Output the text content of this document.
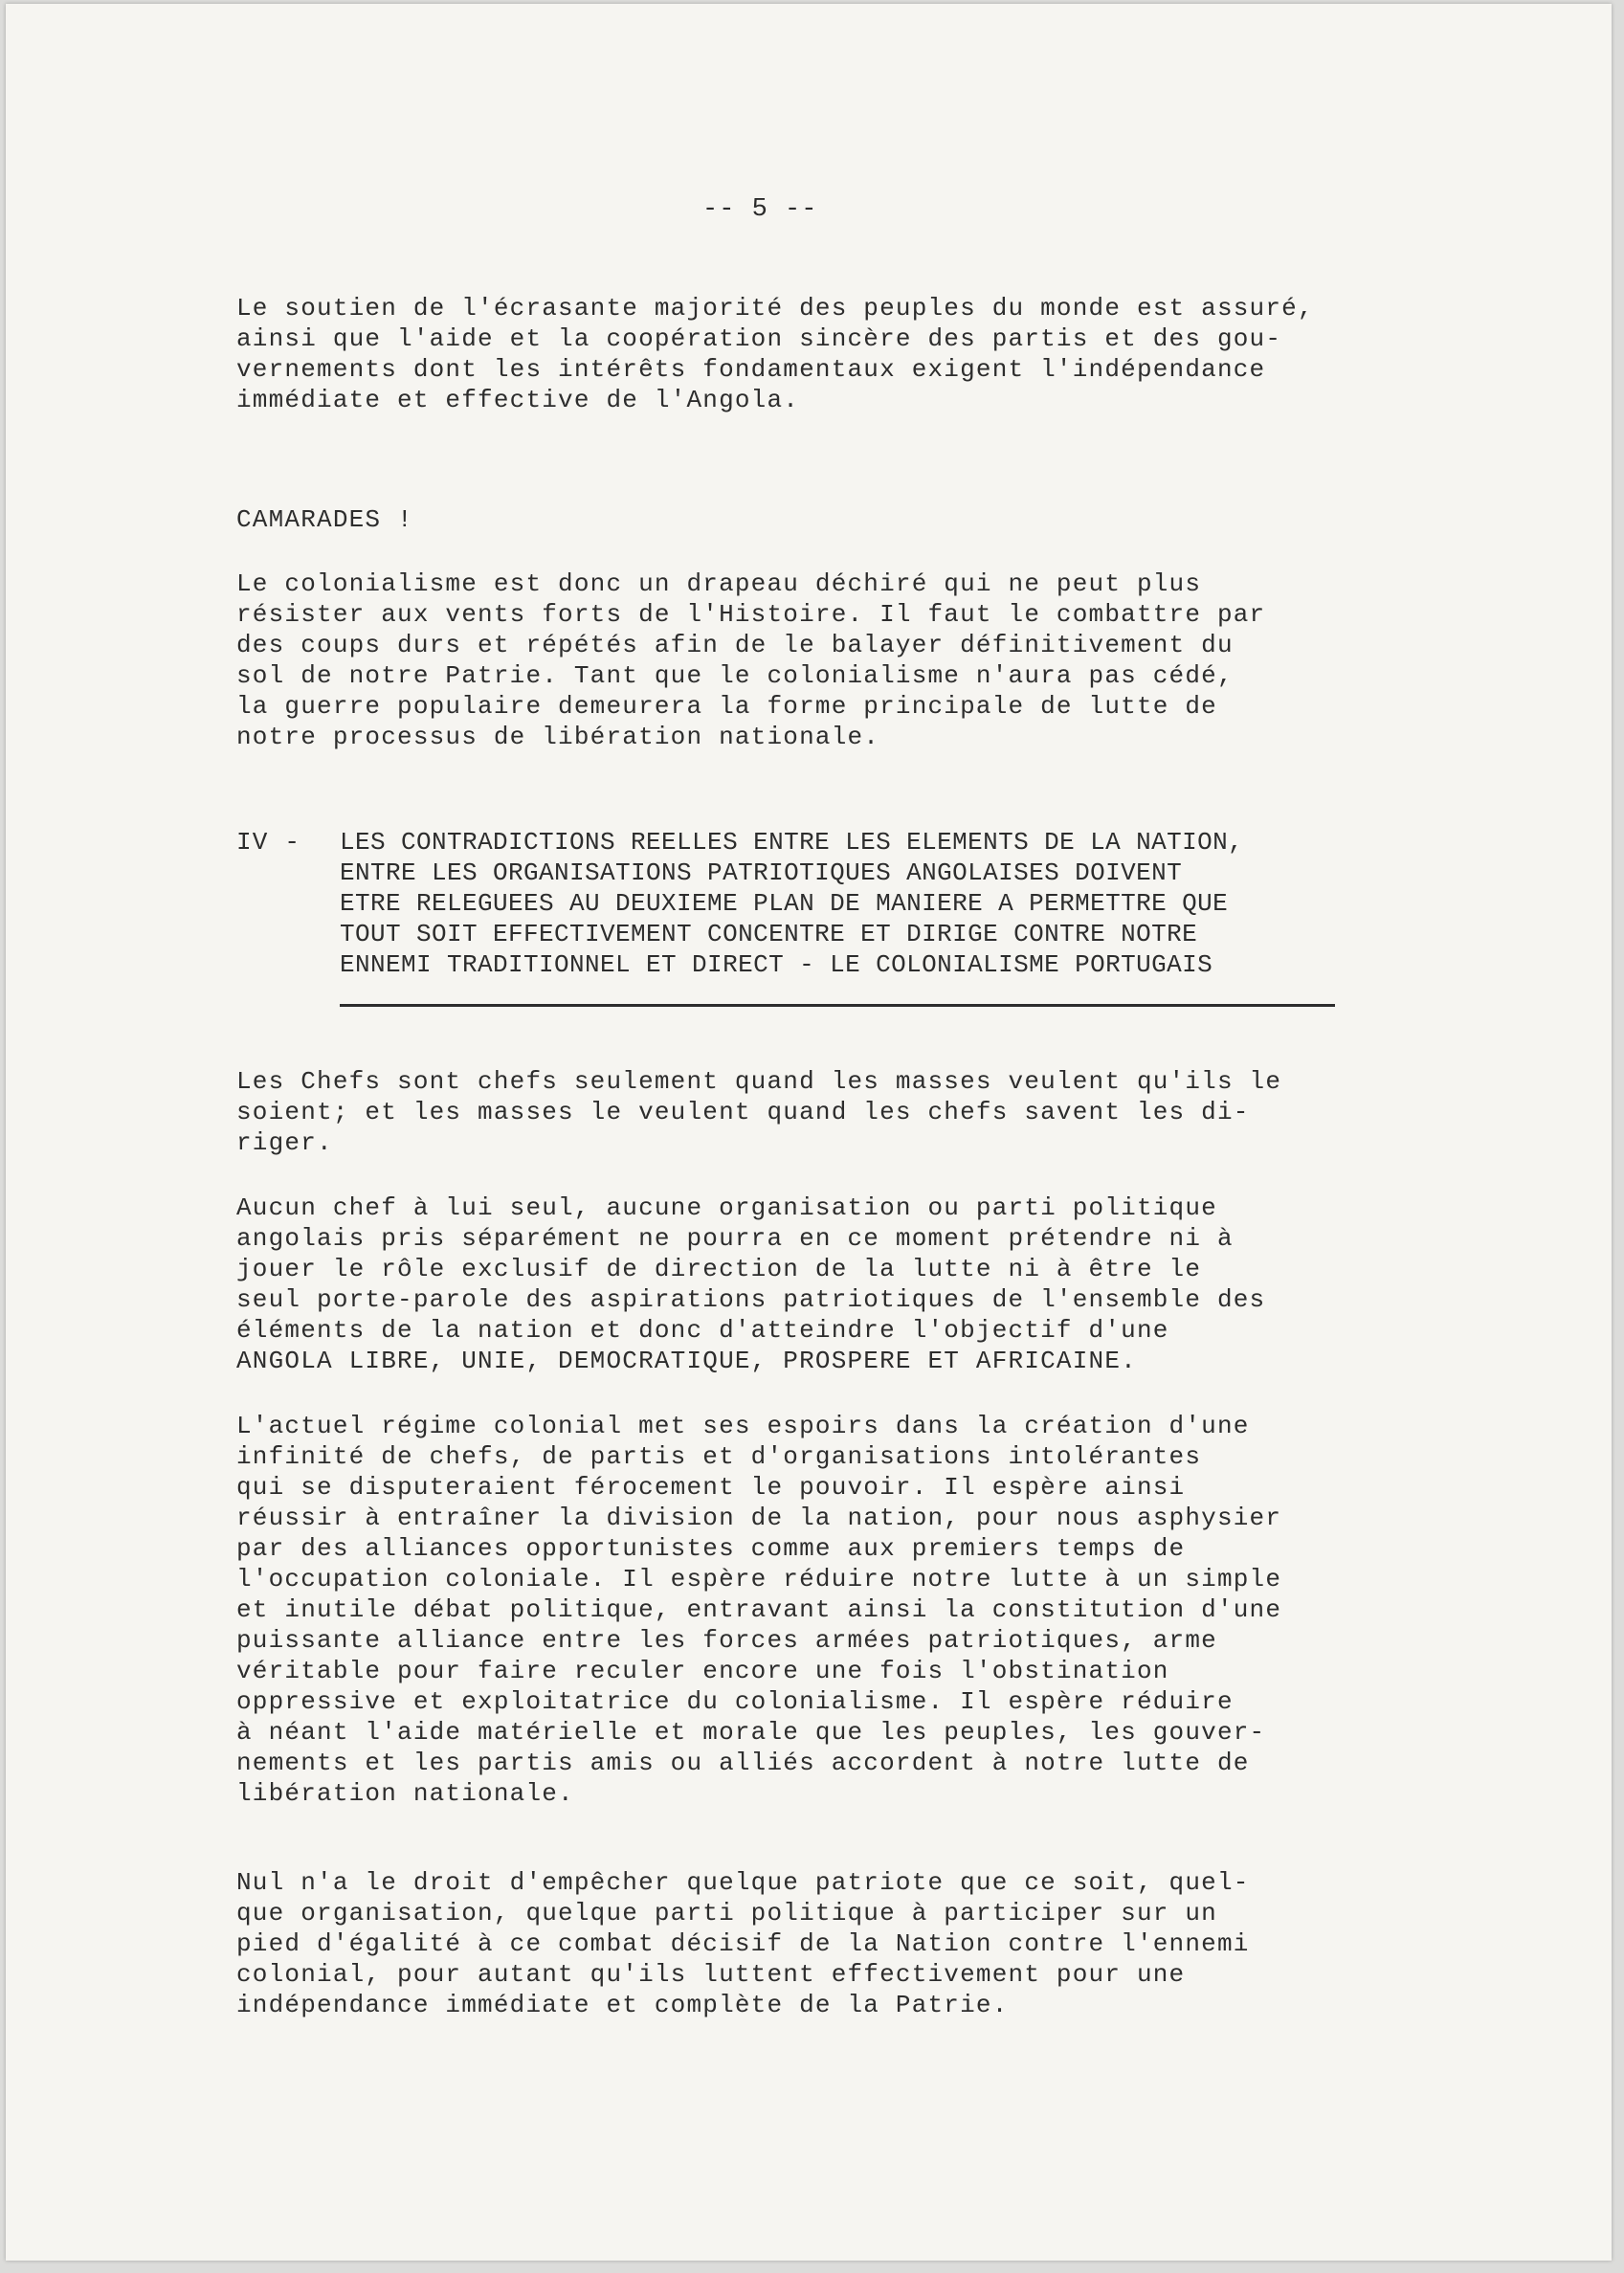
-- 5 --

Le soutien de l'écrasante majorité des peuples du monde est assuré,
ainsi que l'aide et la coopération sincère des partis et des gou-
vernements dont les intérêts fondamentaux exigent l'indépendance
immédiate et effective de l'Angola.

CAMARADES !

Le colonialisme est donc un drapeau déchiré qui ne peut plus
résister aux vents forts de l'Histoire. Il faut le combattre par
des coups durs et répétés afin de le balayer définitivement du
sol de notre Patrie. Tant que le colonialisme n'aura pas cédé,
la guerre populaire demeurera la forme principale de lutte de
notre processus de libération nationale.

IV - LES CONTRADICTIONS REELLES ENTRE LES ELEMENTS DE LA NATION,
ENTRE LES ORGANISATIONS PATRIOTIQUES ANGOLAISES DOIVENT
ETRE RELEGUEES AU DEUXIEME PLAN DE MANIERE A PERMETTRE QUE
TOUT SOIT EFFECTIVEMENT CONCENTRE ET DIRIGE CONTRE NOTRE
ENNEMI TRADITIONNEL ET DIRECT - LE COLONIALISME PORTUGAIS

Les Chefs sont chefs seulement quand les masses veulent qu'ils le
soient; et les masses le veulent quand les chefs savent les di-
riger.

Aucun chef à lui seul, aucune organisation ou parti politique
angolais pris séparément ne pourra en ce moment prétendre ni à
jouer le rôle exclusif de direction de la lutte ni à être le
seul porte-parole des aspirations patriotiques de l'ensemble des
éléments de la nation et donc d'atteindre l'objectif d'une
ANGOLA LIBRE, UNIE, DEMOCRATIQUE, PROSPERE ET AFRICAINE.

L'actuel régime colonial met ses espoirs dans la création d'une
infinité de chefs, de partis et d'organisations intolérantes
qui se disputeraient férocement le pouvoir. Il espère ainsi
réussir à entraîner la division de la nation, pour nous asphysier
par des alliances opportunistes comme aux premiers temps de
l'occupation coloniale. Il espère réduire notre lutte à un simple
et inutile débat politique, entravant ainsi la constitution d'une
puissante alliance entre les forces armées patriotiques, arme
véritable pour faire reculer encore une fois l'obstination
oppressive et exploitatrice du colonialisme. Il espère réduire
à néant l'aide matérielle et morale que les peuples, les gouver-
nements et les partis amis ou alliés accordent à notre lutte de
libération nationale.

Nul n'a le droit d'empêcher quelque patriote que ce soit, quel-
que organisation, quelque parti politique à participer sur un
pied d'égalité à ce combat décisif de la Nation contre l'ennemi
colonial, pour autant qu'ils luttent effectivement pour une
indépendance immédiate et complète de la Patrie.
